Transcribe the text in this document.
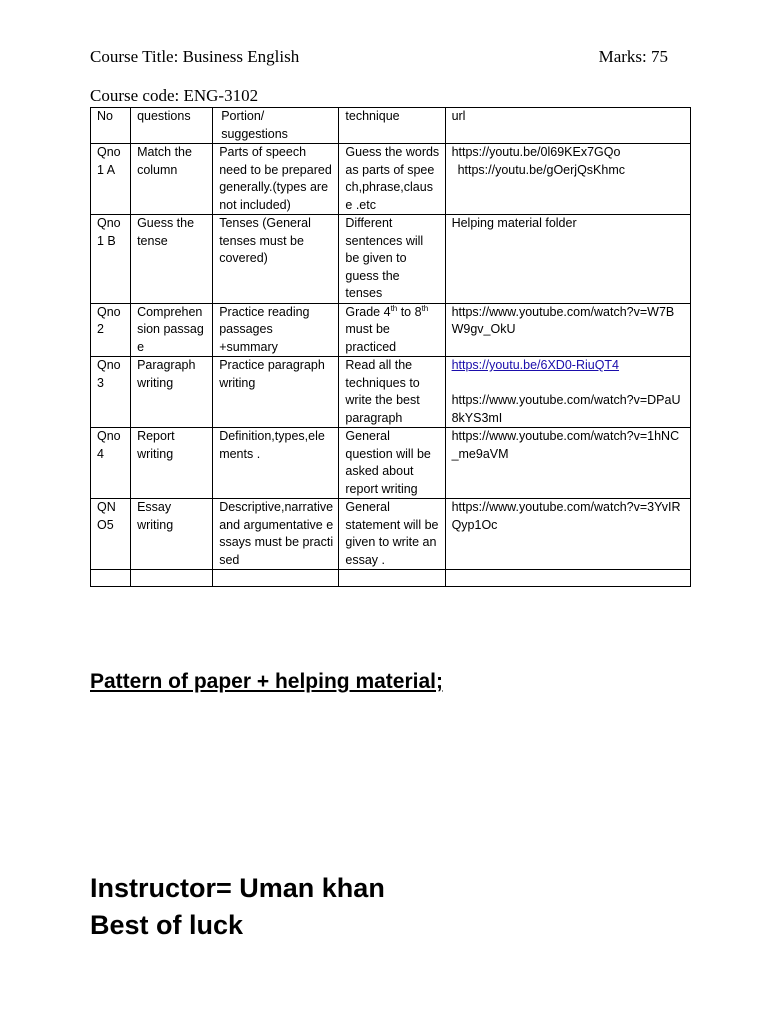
Course Title: Business English	Marks: 75
Course code: ENG-3102
No	questions	Portion/ suggestions	technique	url
Qno 1 A	Match the column	Parts of speech need to be prepared generally.(types are not included)	Guess the words as parts of speech,phrase,clause .etc	https://youtu.be/0l69KEx7GQo
https://youtu.be/gOerjQsKhmc

Qno 1 B	Guess the tense	Tenses (General tenses must be covered)	Different sentences will be given to guess the tenses	Helping material folder
Qno 2	Comprehension passage	Practice reading passages +summary	Grade 4th to 8th must be practiced	https://www.youtube.com/watch?v=W7BW9gv_OkU
Qno 3	Paragraph writing	Practice paragraph writing	Read all the techniques to write the best paragraph	https://youtu.be/6XD0-RiuQT4
https://www.youtube.com/watch?v=DPaU8kYS3mI

Qno 4	Report writing	Definition,types,elements .	General question will be asked about report writing	https://www.youtube.com/watch?v=1hNC_me9aVM
QNO5	Essay writing	Descriptive,narrative and argumentative essays must be practised	General statement will be given to write an essay .	https://www.youtube.com/watch?v=3YvIRQyp1Oc

Pattern of paper + helping material;
Instructor= Uman khan
Best of luck
